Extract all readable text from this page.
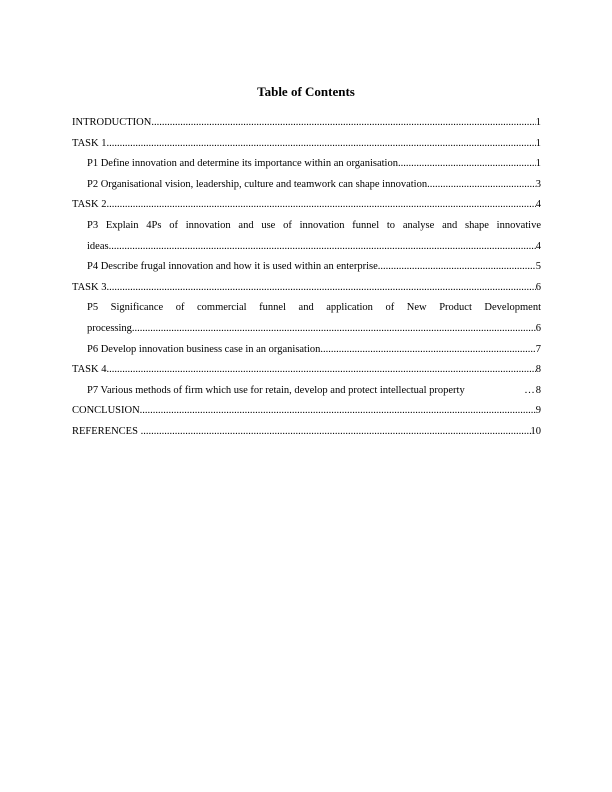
Table of Contents
INTRODUCTION .....	1
TASK 1 .....	1
P1 Define innovation and determine its importance within an organisation .....	1
P2 Organisational vision, leadership, culture and teamwork can shape innovation .....	3
TASK 2 .....	4
P3 Explain 4Ps of innovation and use of innovation funnel to analyse and shape innovative
ideas .....	4
P4 Describe frugal innovation and how it is used within an enterprise .....	5
TASK 3 .....	6
P5 Significance of commercial funnel and application of New Product Development
processing .....	6
P6 Develop innovation business case in an organisation .....	7
TASK 4 .....	8
P7 Various methods of firm which use for retain, develop and protect intellectual property …	8
CONCLUSION .....	9
REFERENCES .....	10
